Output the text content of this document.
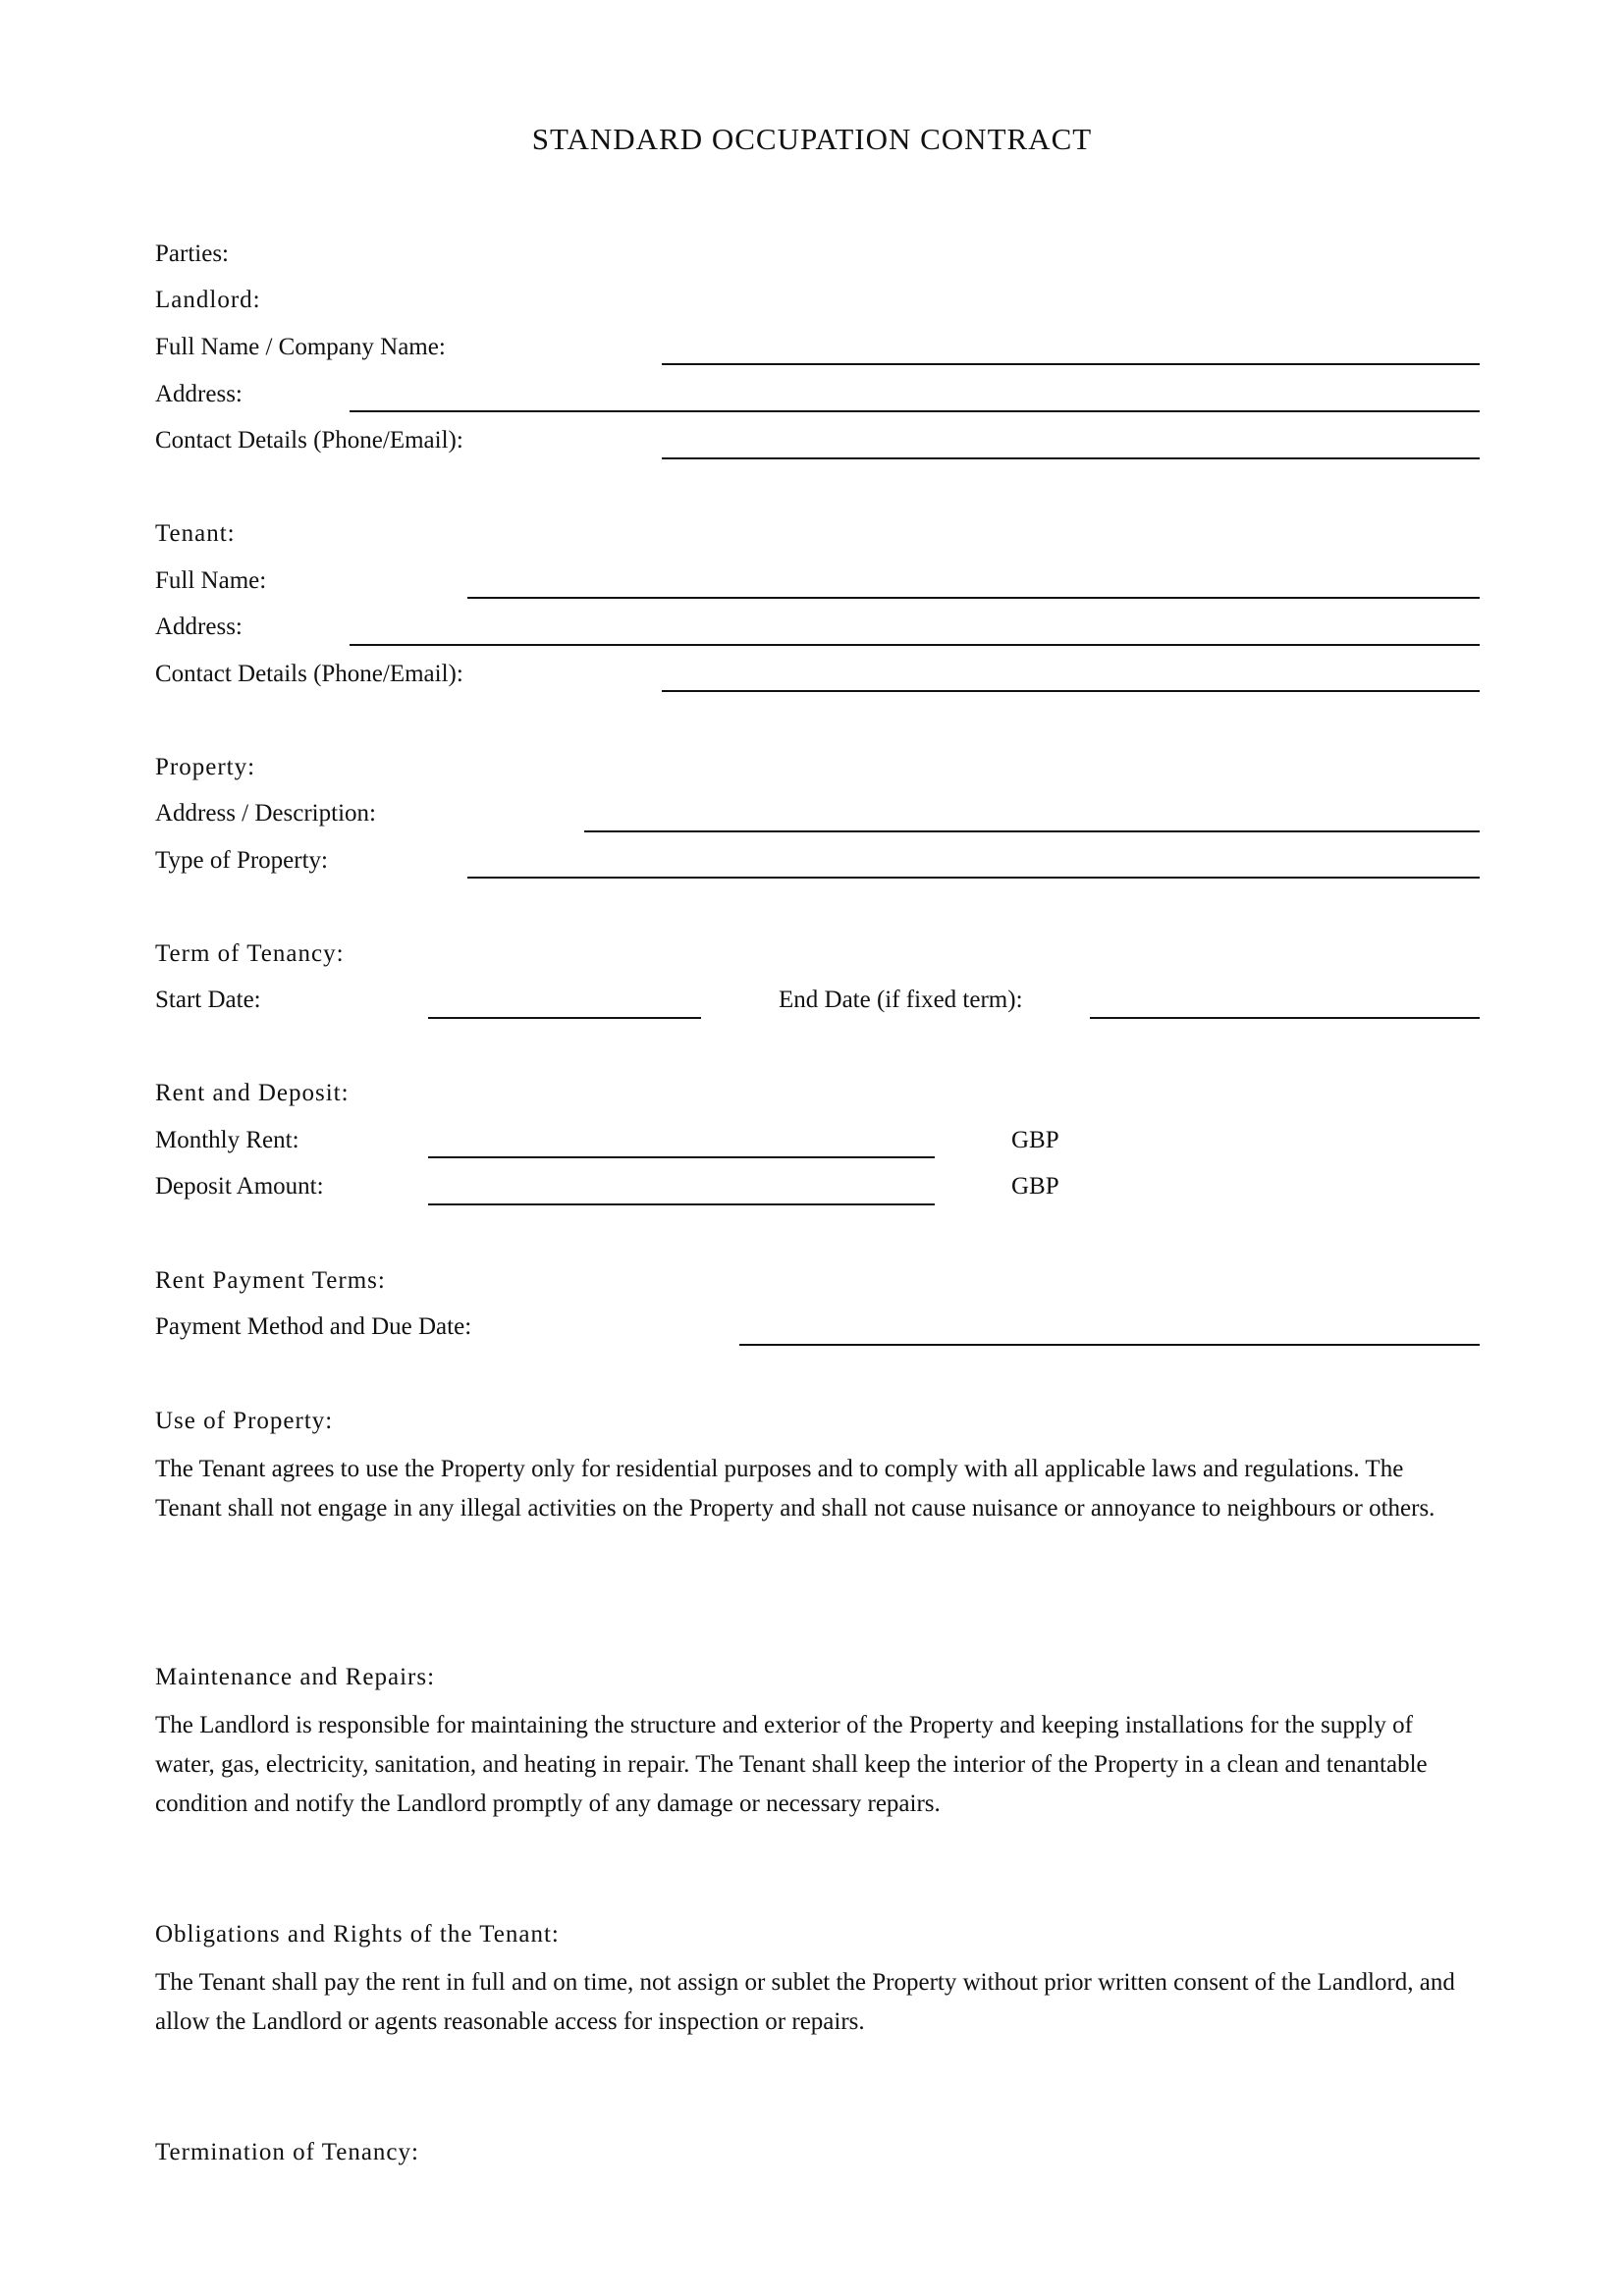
STANDARD OCCUPATION CONTRACT
Parties:
Landlord:
Full Name / Company Name:
Address:
Contact Details (Phone/Email):
Tenant:
Full Name:
Address:
Contact Details (Phone/Email):
Property:
Address / Description:
Type of Property:
Term of Tenancy:
Start Date:	End Date (if fixed term):
Rent and Deposit:
Monthly Rent:	GBP
Deposit Amount:	GBP
Rent Payment Terms:
Payment Method and Due Date:
Use of Property:
The Tenant agrees to use the Property only for residential purposes and to comply with all applicable laws and regulations. The Tenant shall not engage in any illegal activities on the Property and shall not cause nuisance or annoyance to neighbours or others.
Maintenance and Repairs:
The Landlord is responsible for maintaining the structure and exterior of the Property and keeping installations for the supply of water, gas, electricity, sanitation, and heating in repair. The Tenant shall keep the interior of the Property in a clean and tenantable condition and notify the Landlord promptly of any damage or necessary repairs.
Obligations and Rights of the Tenant:
The Tenant shall pay the rent in full and on time, not assign or sublet the Property without prior written consent of the Landlord, and allow the Landlord or agents reasonable access for inspection or repairs.
Termination of Tenancy:
